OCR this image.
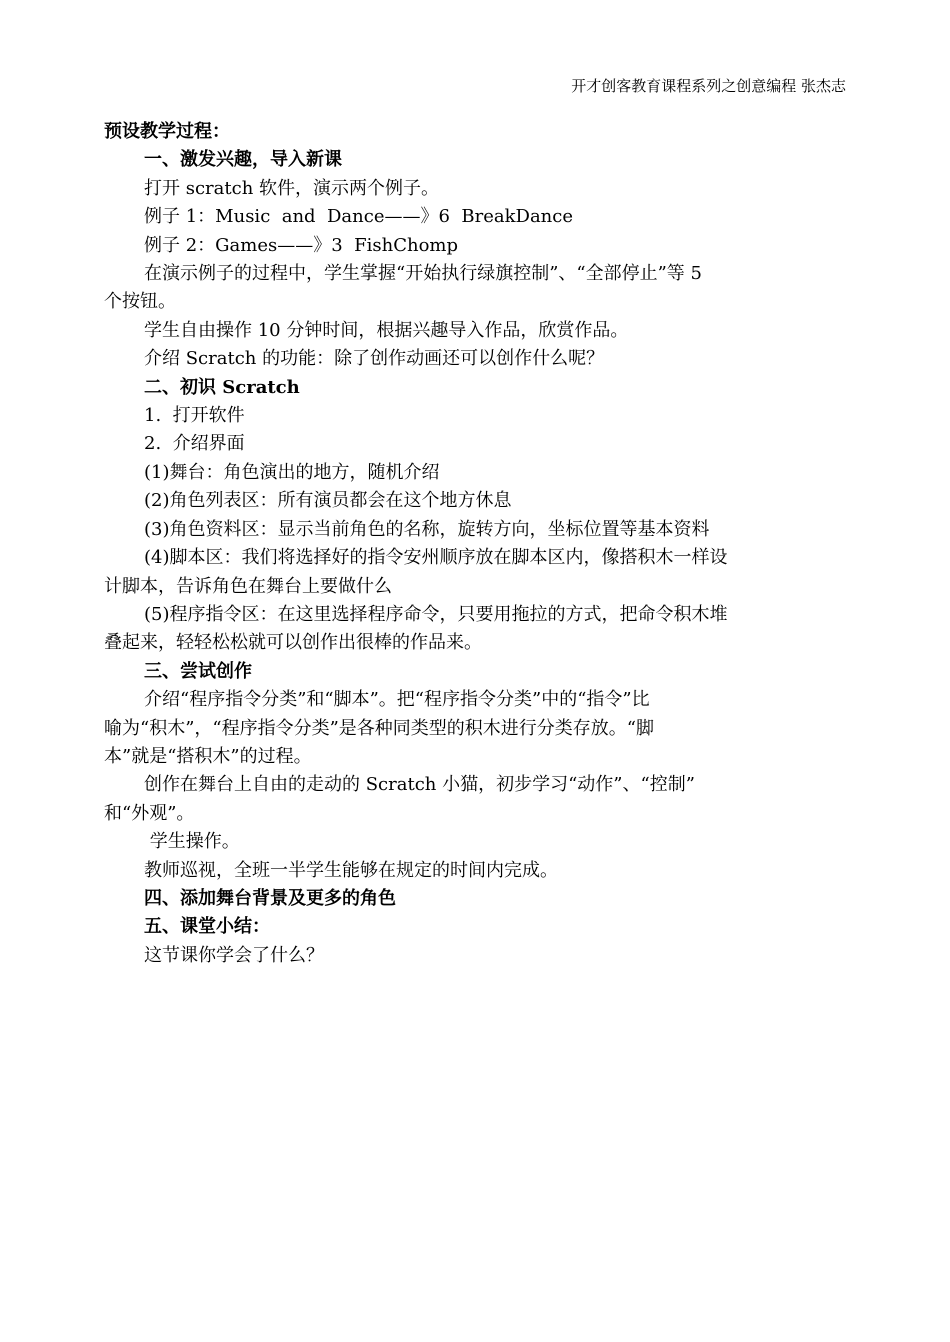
开才创客教育课程系列之创意编程 张杰志
预设教学过程：
一、激发兴趣，导入新课
打开 scratch 软件，演示两个例子。
例子 1：Music  and  Dance——》6  BreakDance
例子 2：Games——》3  FishChomp
在演示例子的过程中，学生掌握“开始执行绿旗控制”、“全部停止”等 5
个按钮。
学生自由操作 10 分钟时间，根据兴趣导入作品，欣赏作品。
介绍 Scratch 的功能：除了创作动画还可以创作什么呢？
二、初识 Scratch
1.  打开软件
2.  介绍界面
(1)舞台：角色演出的地方，随机介绍
(2)角色列表区：所有演员都会在这个地方休息
(3)角色资料区：显示当前角色的名称，旋转方向，坐标位置等基本资料
(4)脚本区：我们将选择好的指令安州顺序放在脚本区内，像搭积木一样设
计脚本，告诉角色在舞台上要做什么
(5)程序指令区：在这里选择程序命令，只要用拖拉的方式，把命令积木堆
叠起来，轻轻松松就可以创作出很棒的作品来。
三、尝试创作
介绍“程序指令分类”和“脚本”。把“程序指令分类”中的“指令”比
喻为“积木”，“程序指令分类”是各种同类型的积木进行分类存放。“脚
本”就是“搭积木”的过程。
创作在舞台上自由的走动的 Scratch 小猫，初步学习“动作”、“控制”
和“外观”。
学生操作。
教师巡视，全班一半学生能够在规定的时间内完成。
四、添加舞台背景及更多的角色
五、课堂小结：
这节课你学会了什么？
